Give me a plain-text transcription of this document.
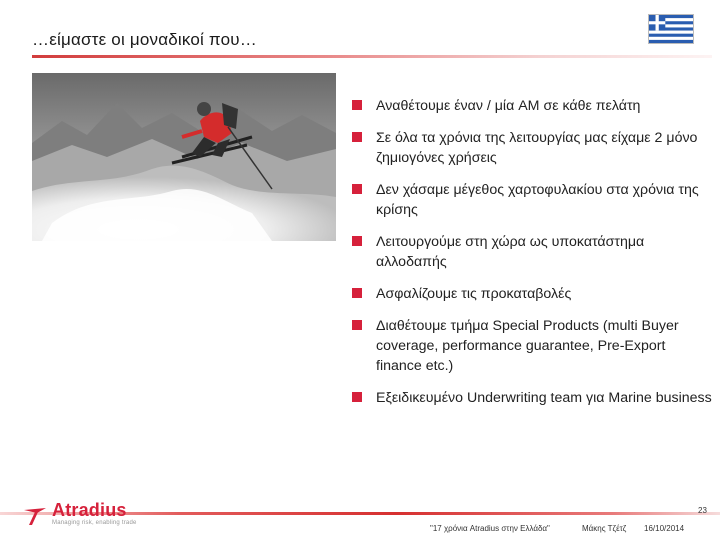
…είμαστε οι μοναδικοί που…
Αναθέτουμε έναν / μία AM σε κάθε πελάτη
Σε όλα τα χρόνια της λειτουργίας μας είχαμε 2 μόνο ζημιογόνες χρήσεις
Δεν χάσαμε μέγεθος χαρτοφυλακίου στα χρόνια της κρίσης
Λειτουργούμε στη χώρα ως υποκατάστημα αλλοδαπής
Ασφαλίζουμε τις προκαταβολές
Διαθέτουμε τμήμα Special Products (multi Buyer coverage, performance guarantee, Pre-Export finance etc.)
Εξειδικευμένο Underwriting team για Marine business
Atradius
Managing risk, enabling trade
23
"17 χρόνια Atradius στην Ελλάδα"	Μάκης Τζέτζ 16/10/2014
